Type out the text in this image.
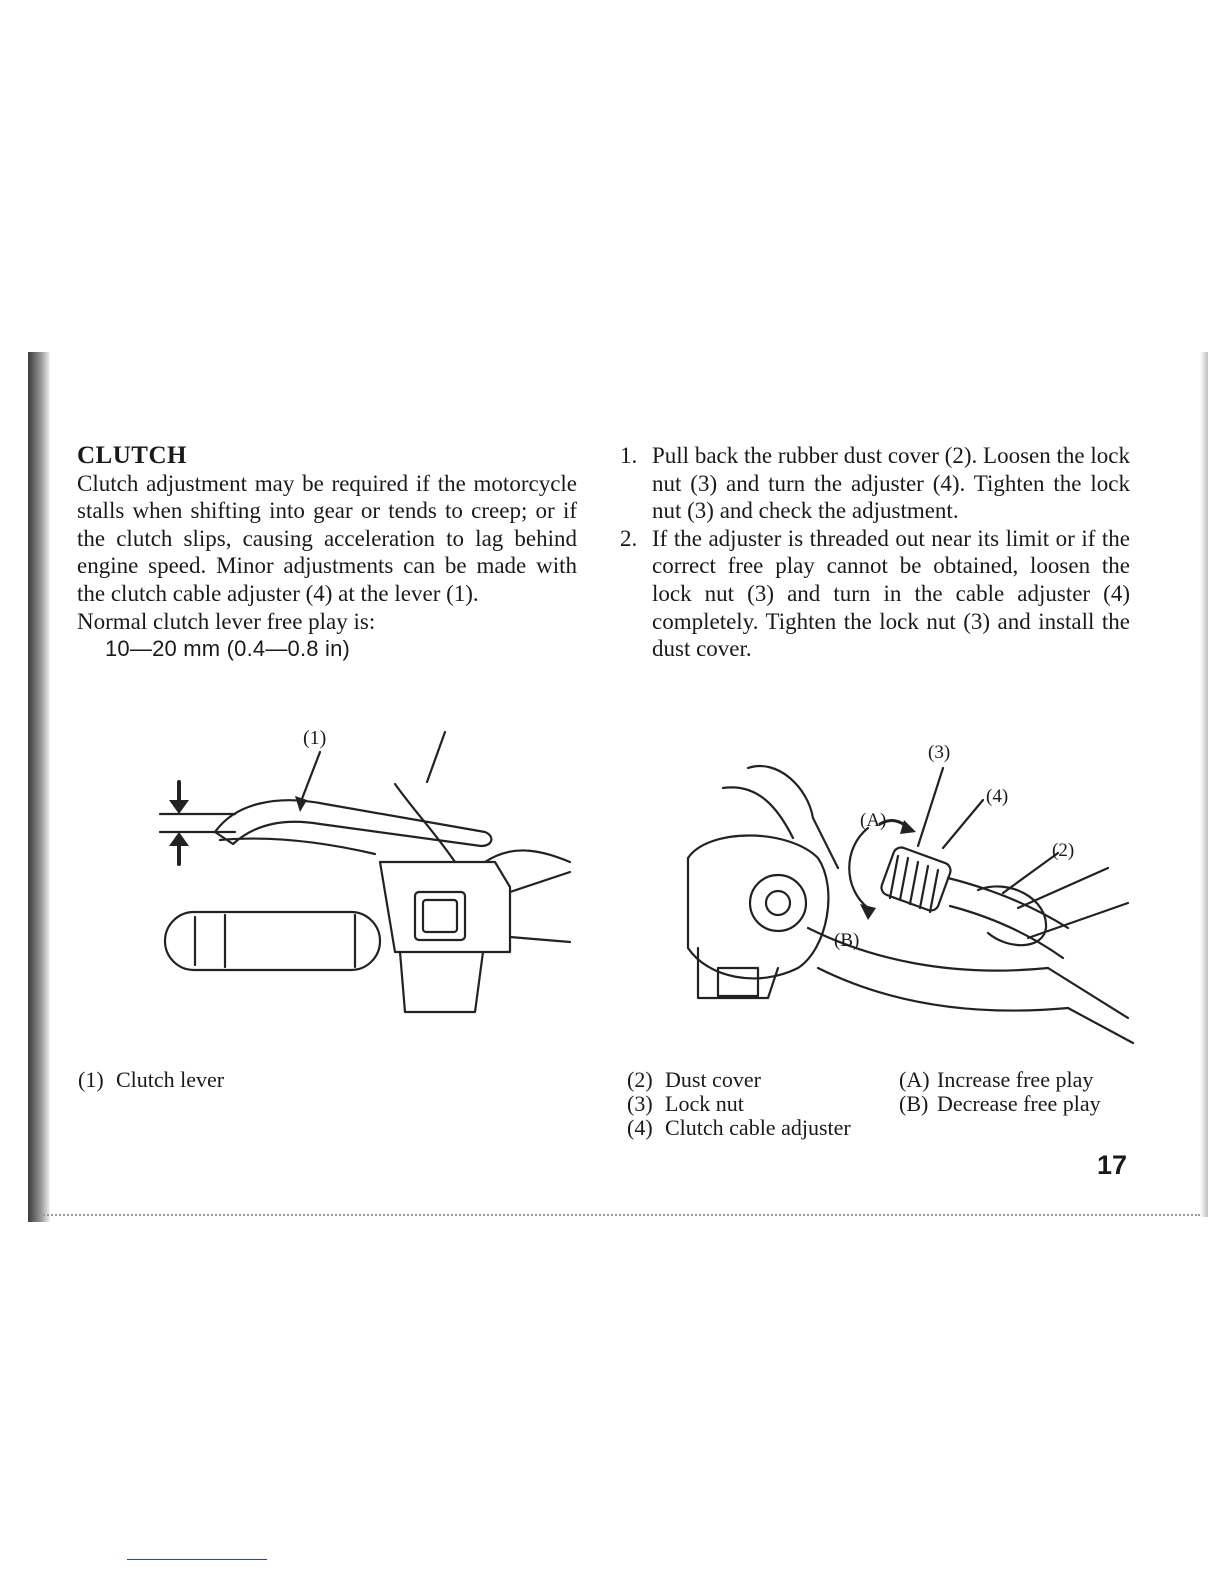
CLUTCH

Clutch adjustment may be required if the motorcycle stalls when shifting into gear or tends to creep; or if the clutch slips, causing acceleration to lag behind engine speed. Minor adjustments can be made with the clutch cable adjuster (4) at the lever (1).

Normal clutch lever free play is:

10—20 mm (0.4—0.8 in)

1. Pull back the rubber dust cover (2). Loosen the lock nut (3) and turn the adjuster (4). Tighten the lock nut (3) and check the adjustment.
2. If the adjuster is threaded out near its limit or if the correct free play cannot be obtained, loosen the lock nut (3) and turn in the cable adjuster (4) completely. Tighten the lock nut (3) and install the dust cover.
(1)
(3)
(4)
(A)
(2)
(B)
(1) Clutch lever	(2) Dust cover
(3) Lock nut
(4) Clutch cable adjuster
(A) Increase free play
(B) Decrease free play
17
